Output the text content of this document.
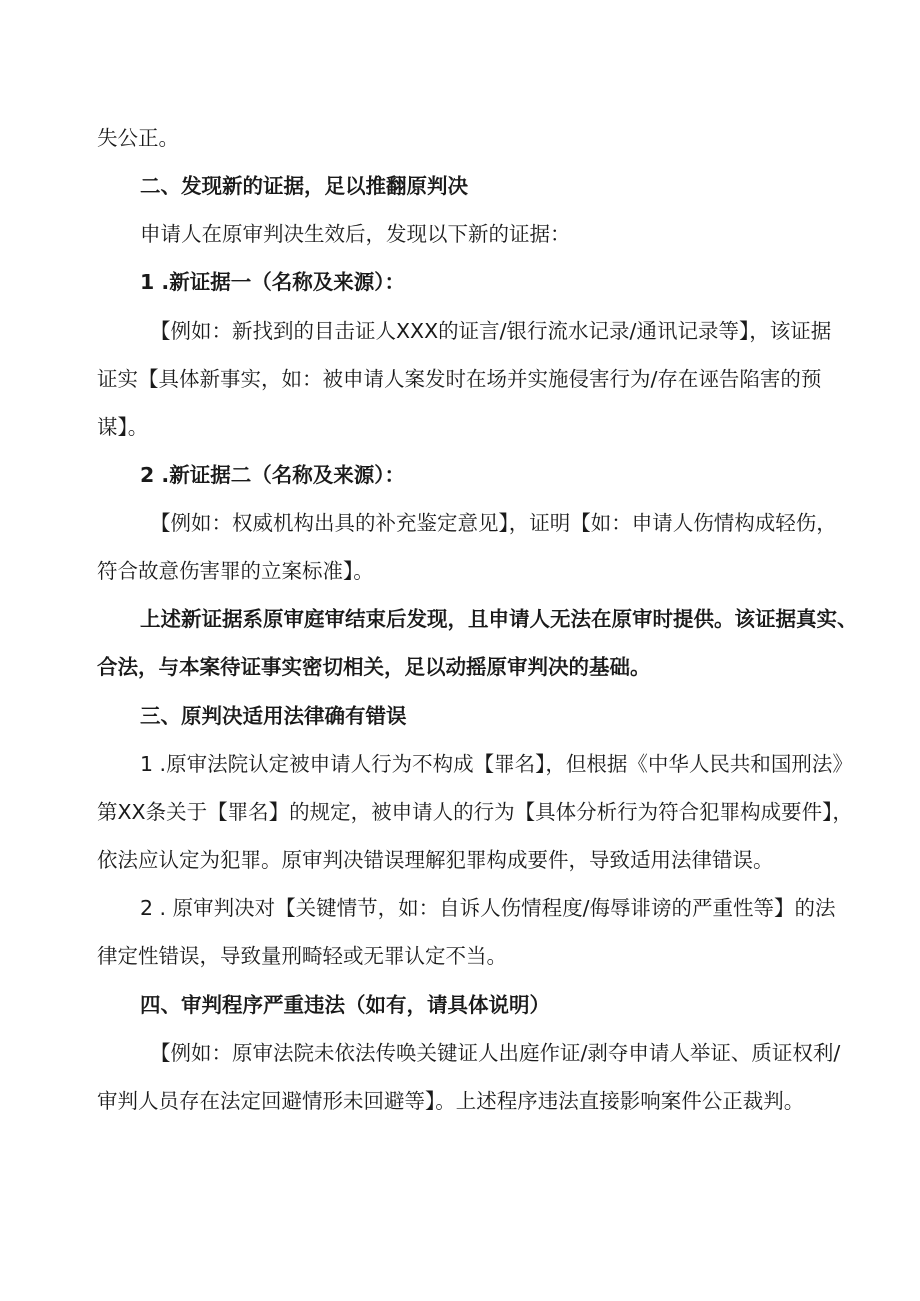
失公正。
二、发现新的证据，足以推翻原判决
申请人在原审判决生效后，发现以下新的证据：
1 .新证据一（名称及来源）：
【例如：新找到的目击证人XXX的证言/银行流水记录/通讯记录等】，该证据
证实【具体新事实，如：被申请人案发时在场并实施侵害行为/存在诬告陷害的预
谋】。
2 .新证据二（名称及来源）：
【例如：权威机构出具的补充鉴定意见】，证明【如：申请人伤情构成轻伤，
符合故意伤害罪的立案标准】。
上述新证据系原审庭审结束后发现，且申请人无法在原审时提供。该证据真实、
合法，与本案待证事实密切相关，足以动摇原审判决的基础。
三、原判决适用法律确有错误
1 .原审法院认定被申请人行为不构成【罪名】，但根据《中华人民共和国刑法》
第XX条关于【罪名】的规定，被申请人的行为【具体分析行为符合犯罪构成要件】，
依法应认定为犯罪。原审判决错误理解犯罪构成要件，导致适用法律错误。
2 . 原审判决对【关键情节，如：自诉人伤情程度/侮辱诽谤的严重性等】的法
律定性错误，导致量刑畸轻或无罪认定不当。
四、审判程序严重违法（如有，请具体说明）
【例如：原审法院未依法传唤关键证人出庭作证/剥夺申请人举证、质证权利/
审判人员存在法定回避情形未回避等】。上述程序违法直接影响案件公正裁判。
